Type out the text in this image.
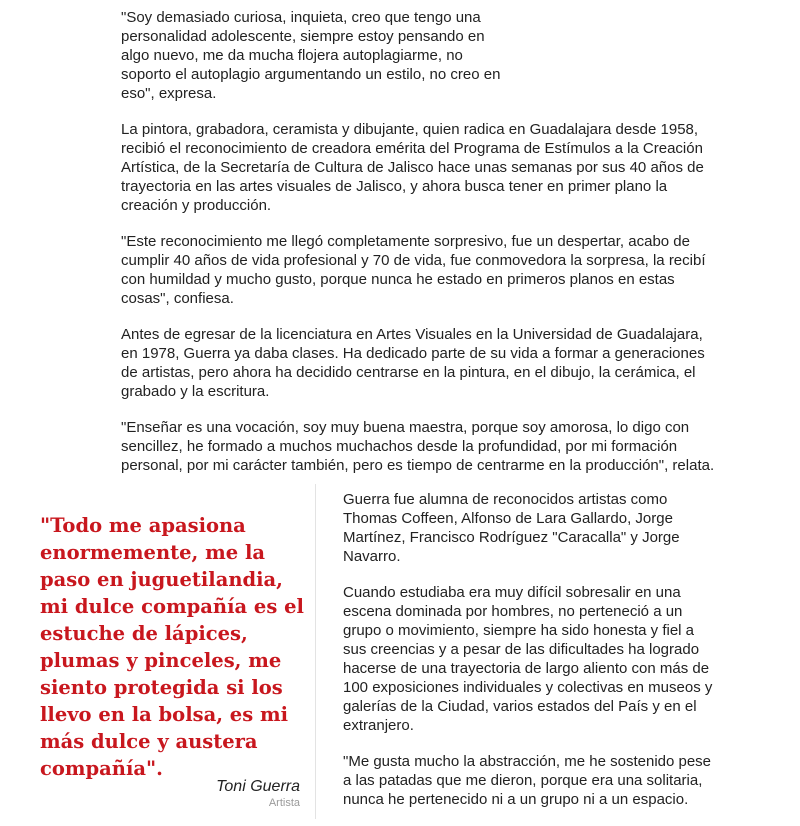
"Soy demasiado curiosa, inquieta, creo que tengo una personalidad adolescente, siempre estoy pensando en algo nuevo, me da mucha flojera autoplagiarme, no soporto el autoplagio argumentando un estilo, no creo en eso", expresa.

La pintora, grabadora, ceramista y dibujante, quien radica en Guadalajara desde 1958, recibió el reconocimiento de creadora emérita del Programa de Estímulos a la Creación Artística, de la Secretaría de Cultura de Jalisco hace unas semanas por sus 40 años de trayectoria en las artes visuales de Jalisco, y ahora busca tener en primer plano la creación y producción.

"Este reconocimiento me llegó completamente sorpresivo, fue un despertar, acabo de cumplir 40 años de vida profesional y 70 de vida, fue conmovedora la sorpresa, la recibí con humildad y mucho gusto, porque nunca he estado en primeros planos en estas cosas", confiesa.

Antes de egresar de la licenciatura en Artes Visuales en la Universidad de Guadalajara, en 1978, Guerra ya daba clases. Ha dedicado parte de su vida a formar a generaciones de artistas, pero ahora ha decidido centrarse en la pintura, en el dibujo, la cerámica, el grabado y la escritura.

"Enseñar es una vocación, soy muy buena maestra, porque soy amorosa, lo digo con sencillez, he formado a muchos muchachos desde la profundidad, por mi formación personal, por mi carácter también, pero es tiempo de centrarme en la producción", relata.

"Todo me apasiona enormemente, me la paso en juguetilandia, mi dulce compañía es el estuche de lápices, plumas y pinceles, me siento protegida si los llevo en la bolsa, es mi más dulce y austera compañía".

Toni Guerra

Artista

Guerra fue alumna de reconocidos artistas como Thomas Coffeen, Alfonso de Lara Gallardo, Jorge Martínez, Francisco Rodríguez "Caracalla" y Jorge Navarro.

Cuando estudiaba era muy difícil sobresalir en una escena dominada por hombres, no perteneció a un grupo o movimiento, siempre ha sido honesta y fiel a sus creencias y a pesar de las dificultades ha logrado hacerse de una trayectoria de largo aliento con más de 100 exposiciones individuales y colectivas en museos y galerías de la Ciudad, varios estados del País y en el extranjero.

"Me gusta mucho la abstracción, me he sostenido pese a las patadas que me dieron, porque era una solitaria, nunca he pertenecido ni a un grupo ni a un espacio.
